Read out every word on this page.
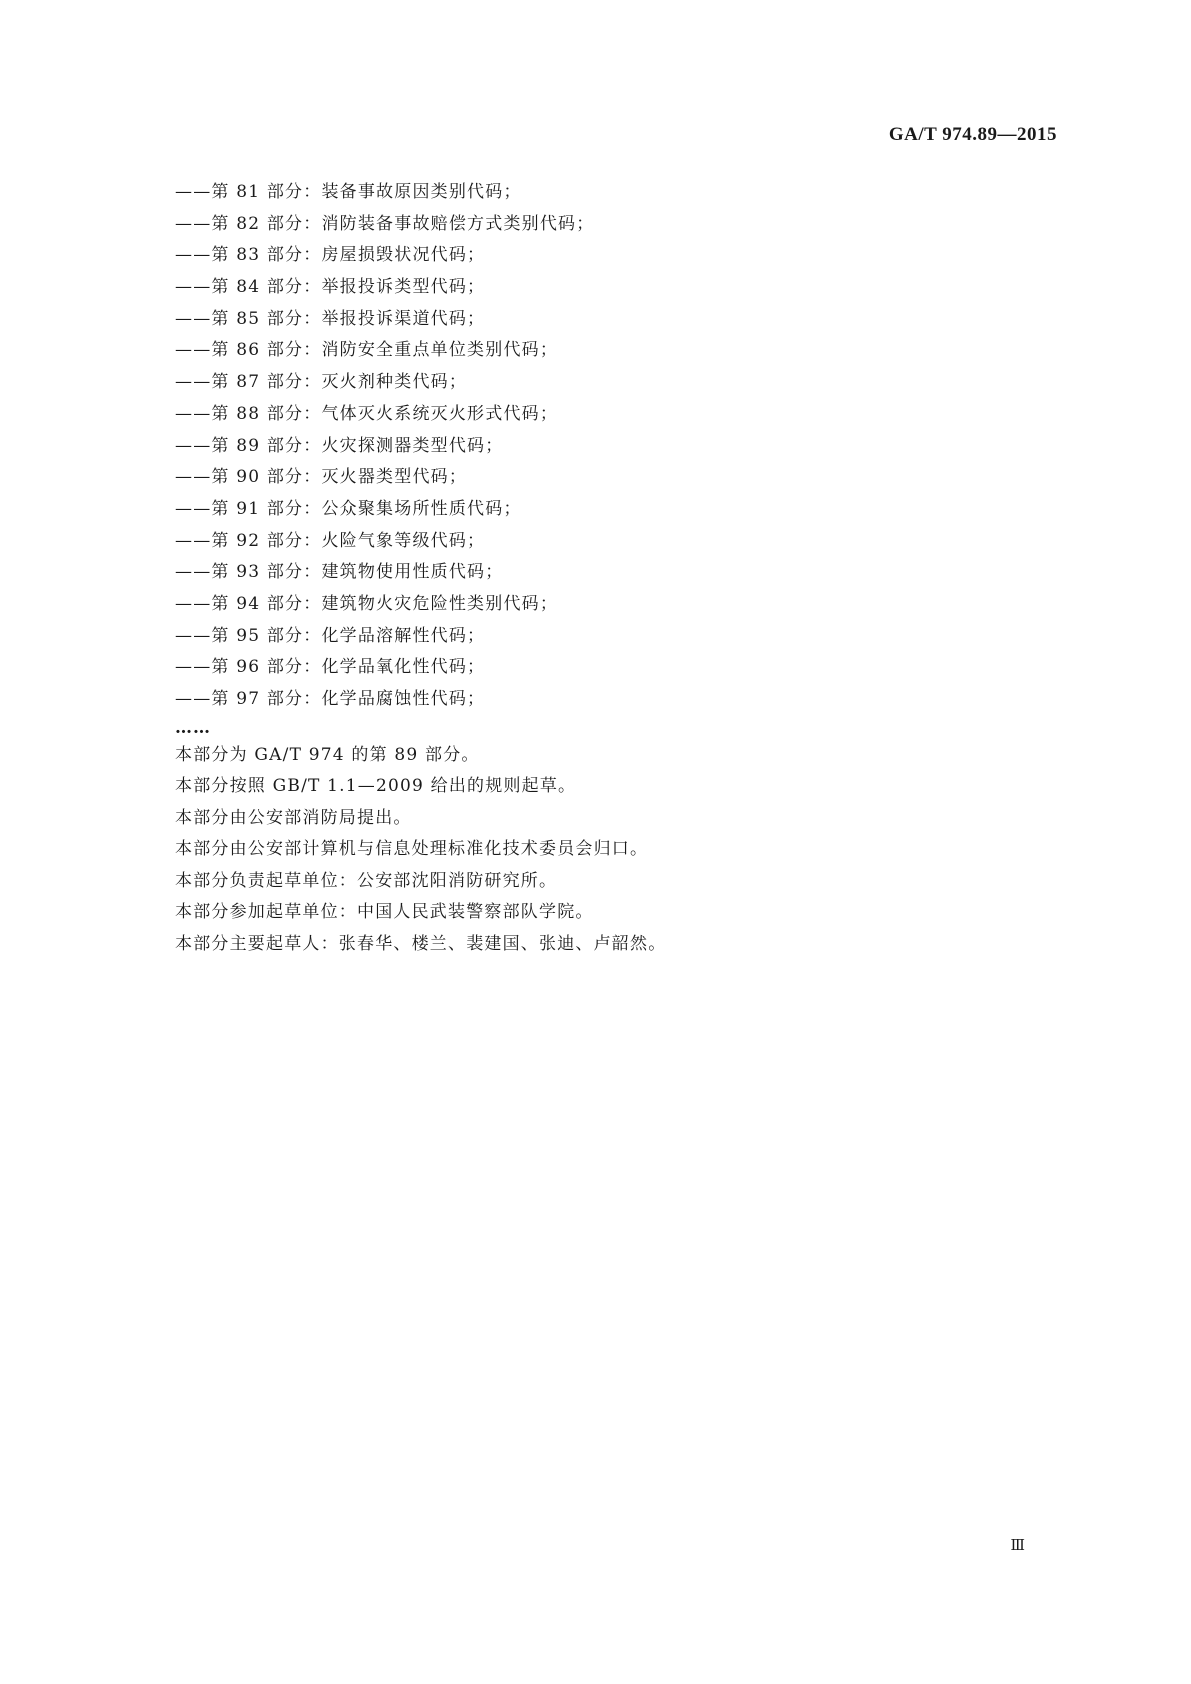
GA/T 974.89—2015
——第 81 部分：装备事故原因类别代码；
——第 82 部分：消防装备事故赔偿方式类别代码；
——第 83 部分：房屋损毁状况代码；
——第 84 部分：举报投诉类型代码；
——第 85 部分：举报投诉渠道代码；
——第 86 部分：消防安全重点单位类别代码；
——第 87 部分：灭火剂种类代码；
——第 88 部分：气体灭火系统灭火形式代码；
——第 89 部分：火灾探测器类型代码；
——第 90 部分：灭火器类型代码；
——第 91 部分：公众聚集场所性质代码；
——第 92 部分：火险气象等级代码；
——第 93 部分：建筑物使用性质代码；
——第 94 部分：建筑物火灾危险性类别代码；
——第 95 部分：化学品溶解性代码；
——第 96 部分：化学品氧化性代码；
——第 97 部分：化学品腐蚀性代码；
……
本部分为 GA/T 974 的第 89 部分。
本部分按照 GB/T 1.1—2009 给出的规则起草。
本部分由公安部消防局提出。
本部分由公安部计算机与信息处理标准化技术委员会归口。
本部分负责起草单位：公安部沈阳消防研究所。
本部分参加起草单位：中国人民武装警察部队学院。
本部分主要起草人：张春华、楼兰、裴建国、张迪、卢韶然。
Ⅲ
